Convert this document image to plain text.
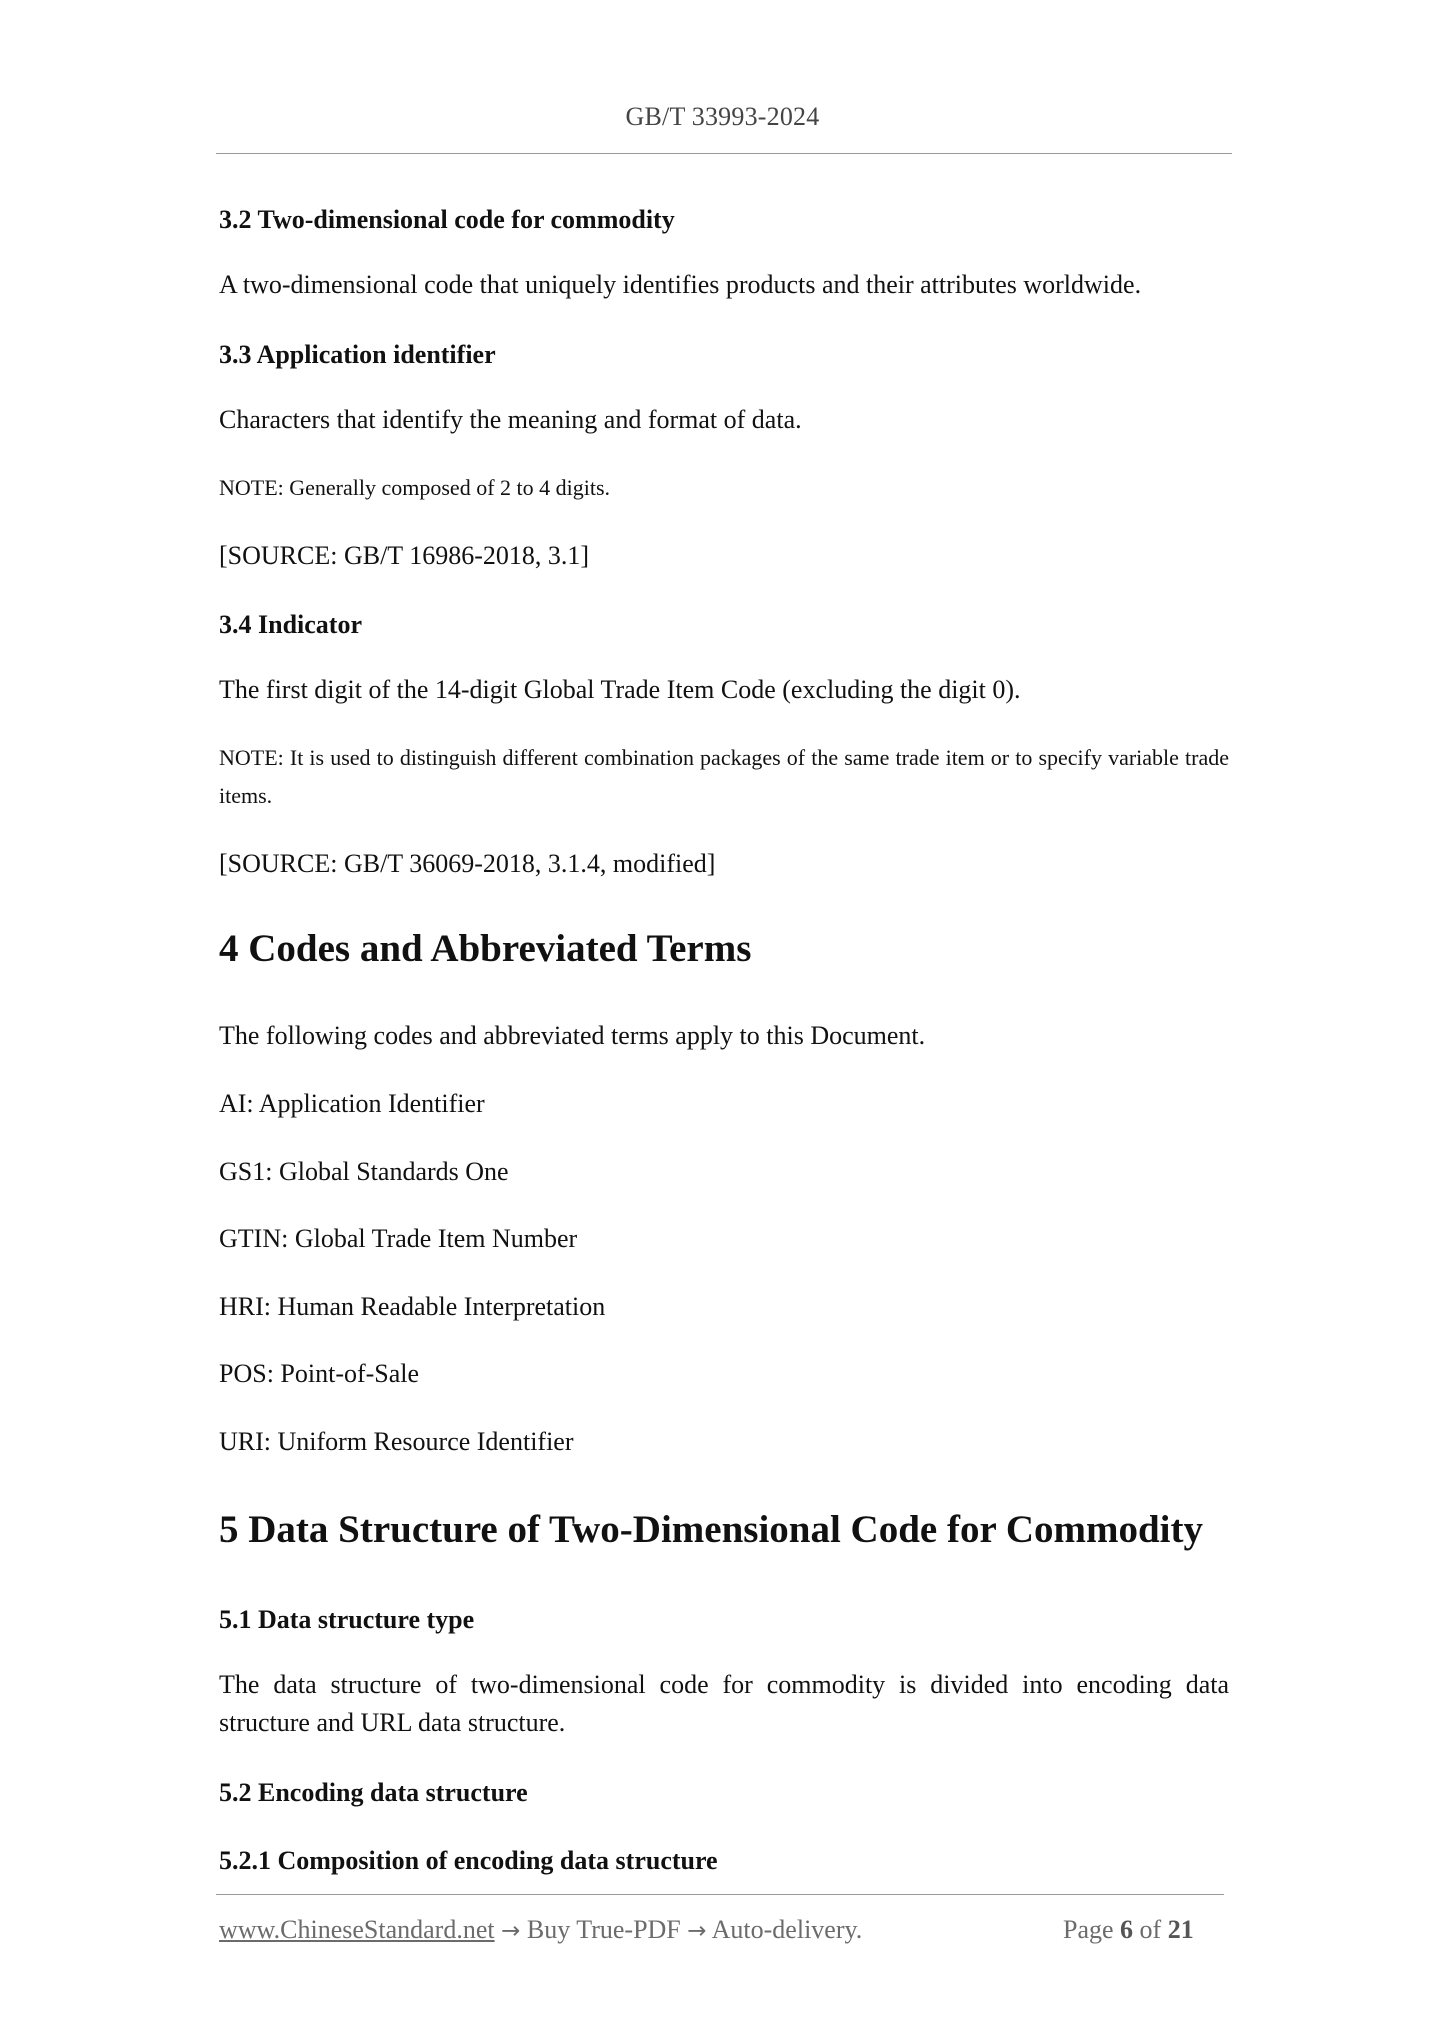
GB/T 33993-2024

3.2 Two-dimensional code for commodity

A two-dimensional code that uniquely identifies products and their attributes worldwide.

3.3 Application identifier

Characters that identify the meaning and format of data.

NOTE: Generally composed of 2 to 4 digits.

[SOURCE: GB/T 16986-2018, 3.1]

3.4 Indicator

The first digit of the 14-digit Global Trade Item Code (excluding the digit 0).

NOTE: It is used to distinguish different combination packages of the same trade item or to specify variable trade items.

[SOURCE: GB/T 36069-2018, 3.1.4, modified]

4 Codes and Abbreviated Terms

The following codes and abbreviated terms apply to this Document.

AI: Application Identifier

GS1: Global Standards One

GTIN: Global Trade Item Number

HRI: Human Readable Interpretation

POS: Point-of-Sale

URI: Uniform Resource Identifier

5 Data Structure of Two-Dimensional Code for Commodity

5.1 Data structure type

The data structure of two-dimensional code for commodity is divided into encoding data structure and URL data structure.

5.2 Encoding data structure

5.2.1 Composition of encoding data structure

www.ChineseStandard.net → Buy True-PDF → Auto-delivery.	Page 6 of 21
